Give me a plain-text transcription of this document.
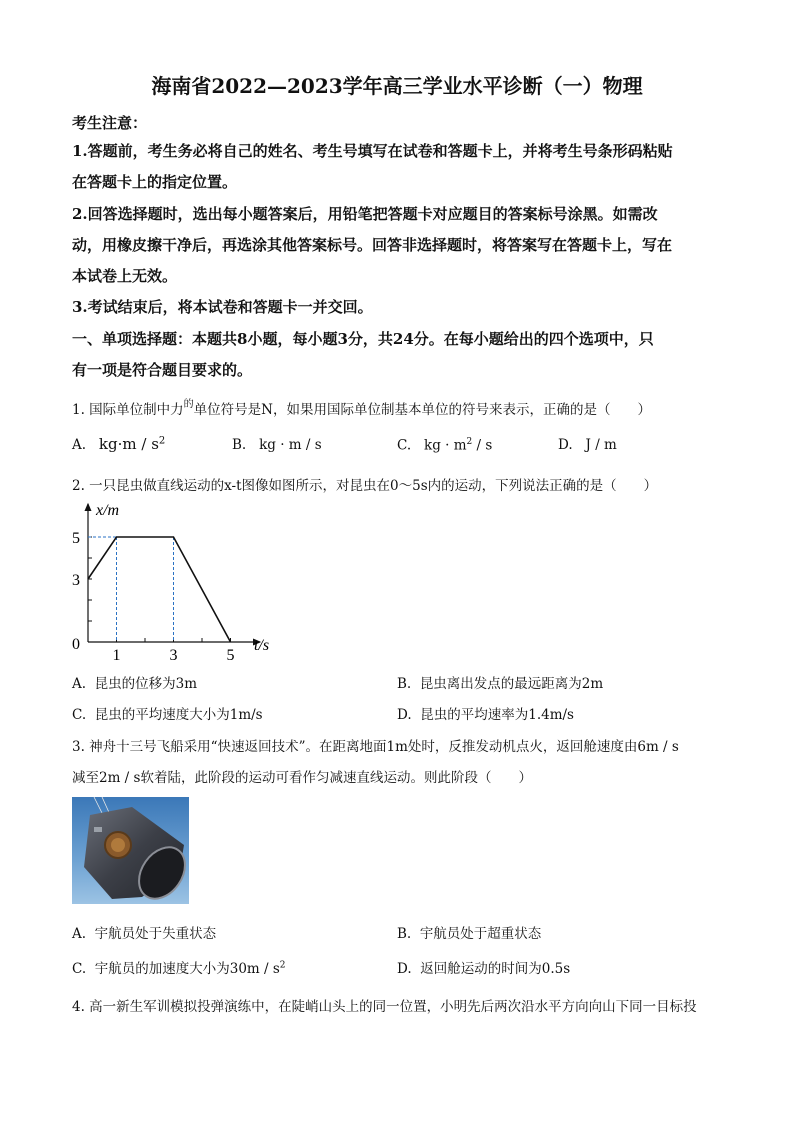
海南省2022—2023学年高三学业水平诊断（一）物理
考生注意：
1.答题前，考生务必将自己的姓名、考生号填写在试卷和答题卡上，并将考生号条形码粘贴
在答题卡上的指定位置。
2.回答选择题时，选出每小题答案后，用铅笔把答题卡对应题目的答案标号涂黑。如需改
动，用橡皮擦干净后，再选涂其他答案标号。回答非选择题时，将答案写在答题卡上，写在
本试卷上无效。
3.考试结束后，将本试卷和答题卡一并交回。
一、单项选择题：本题共8小题，每小题3分，共24分。在每小题给出的四个选项中，只
有一项是符合题目要求的。
1. 国际单位制中力$^的$单位符号是N，如果用国际单位制基本单位的符号来表示，正确的是（　　）
A. $kg\cdot m / s^2$	B. kg · m / s	C. kg · $m^2$ / s	D. J / m
2. 一只昆虫做直线运动的x-t图像如图所示，对昆虫在0～5s内的运动，下列说法正确的是（　　）
1	3	5
3
5
x/m
t/s
0
A. 昆虫的位移为3m	B. 昆虫离出发点的最远距离为2m
C. 昆虫的平均速度大小为1m/s	D. 昆虫的平均速率为1.4m/s
3. 神舟十三号飞船采用“快速返回技术”。在距离地面1m处时，反推发动机点火，返回舱速度由6m / s
减至2m / s软着陆，此阶段的运动可看作匀减速直线运动。则此阶段（　　）
A. 宇航员处于失重状态	B. 宇航员处于超重状态
C. 宇航员的加速度大小为$30m / s^2$	D. 返回舱运动的时间为0.5s
4. 高一新生军训模拟投弹演练中，在陡峭山头上的同一位置，小明先后两次沿水平方向向山下同一目标投
